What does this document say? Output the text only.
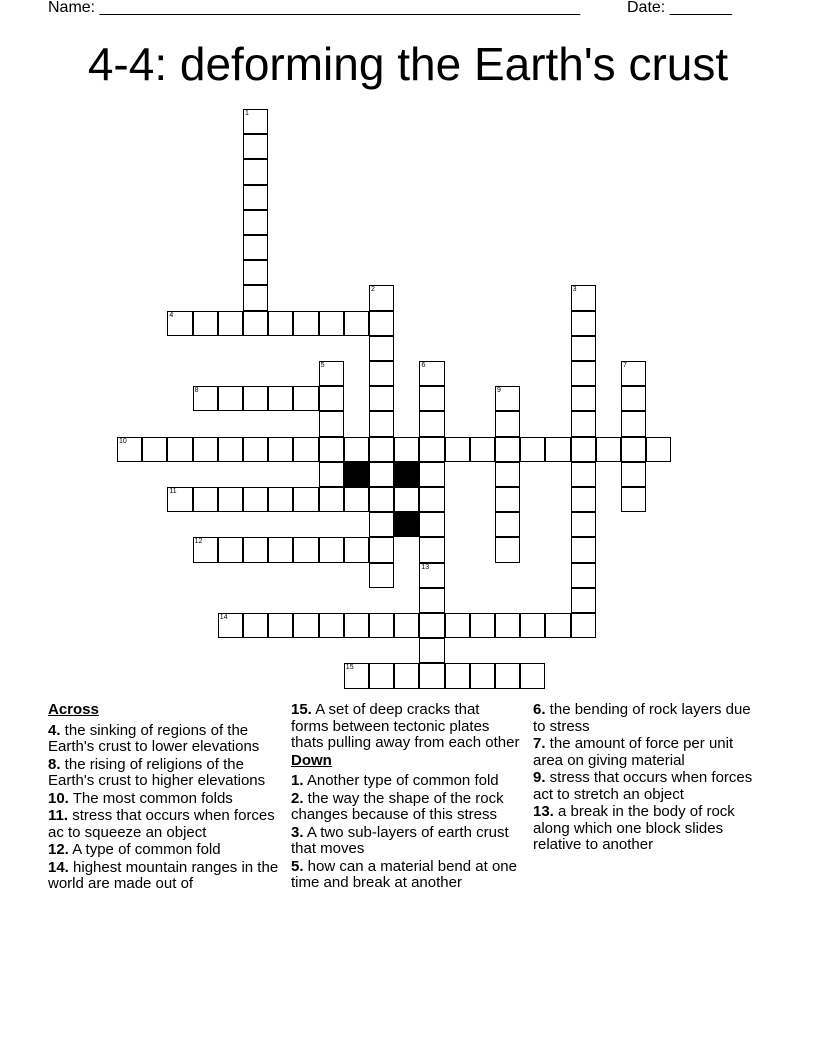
Name: ______________________________________________________	Date: _______
4-4: deforming the Earth's crust
1
2	3
4
5	6	7
8	9
10
11
12
13
14
15
Across
4. the sinking of regions of the Earth's crust to lower elevations
8. the rising of religions of the Earth's crust to higher elevations
10. The most common folds
11. stress that occurs when forces ac to squeeze an object
12. A type of common fold
14. highest mountain ranges in the world are made out of
15. A set of deep cracks that forms between tectonic plates thats pulling away from each other
Down
1. Another type of common fold
2. the way the shape of the rock changes because of this stress
3. A two sub-layers of earth crust that moves
5. how can a material bend at one time and break at another
6. the bending of rock layers due to stress
7. the amount of force per unit area on giving material
9. stress that occurs when forces act to stretch an object
13. a break in the body of rock along which one block slides relative to another
